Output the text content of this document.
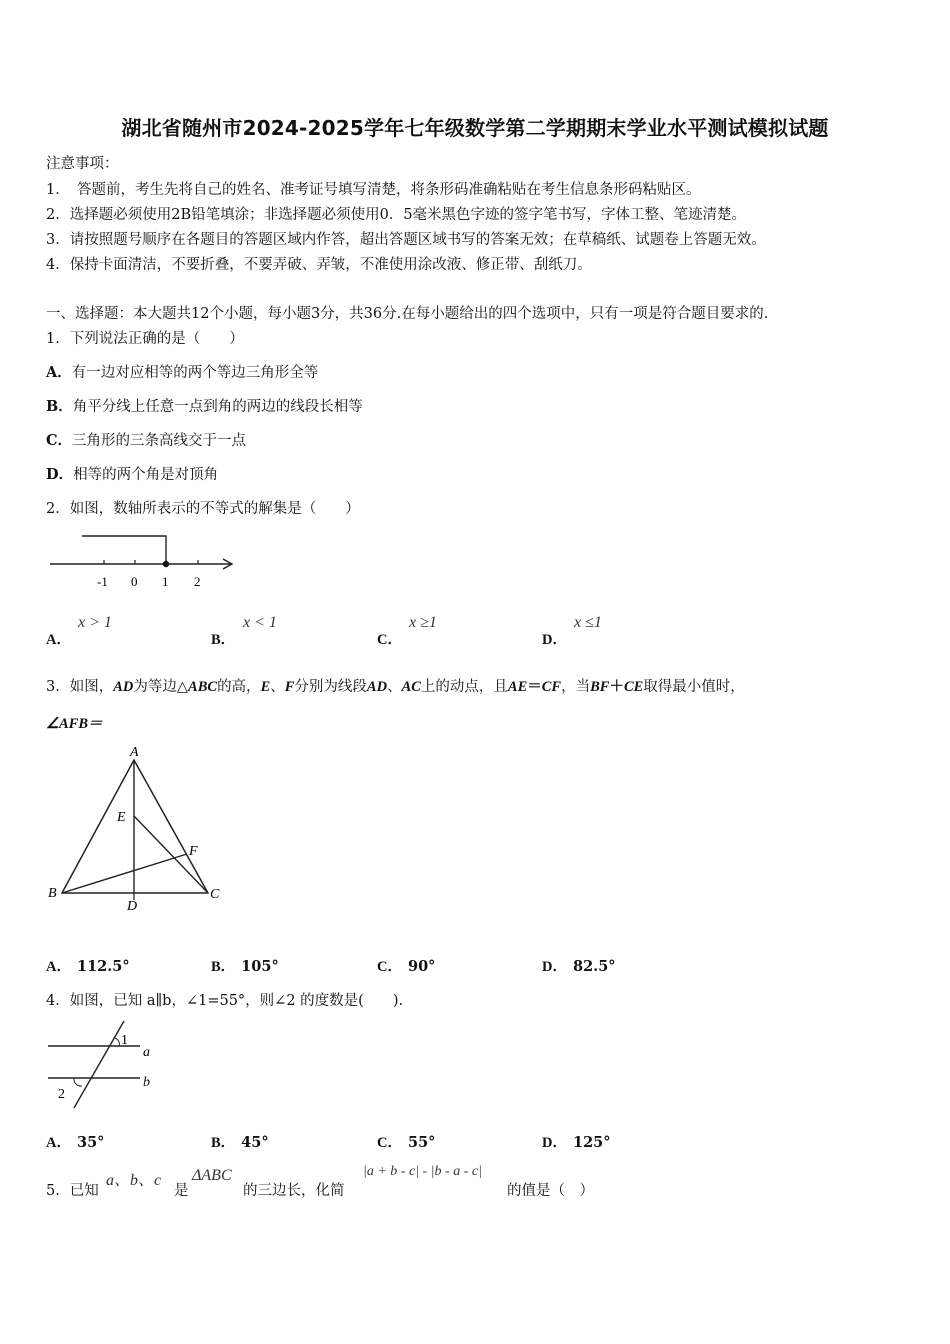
湖北省随州市2024-2025学年七年级数学第二学期期末学业水平测试模拟试题
注意事项：
1．　答题前，考生先将自己的姓名、准考证号填写清楚，将条形码准确粘贴在考生信息条形码粘贴区。
2．选择题必须使用2B铅笔填涂；非选择题必须使用0．5毫米黑色字迹的签字笔书写，字体工整、笔迹清楚。
3．请按照题号顺序在各题目的答题区域内作答，超出答题区域书写的答案无效；在草稿纸、试题卷上答题无效。
4．保持卡面清洁，不要折叠，不要弄破、弄皱，不准使用涂改液、修正带、刮纸刀。
一、选择题：本大题共12个小题，每小题3分，共36分.在每小题给出的四个选项中，只有一项是符合题目要求的.
1．下列说法正确的是（　　）
A．有一边对应相等的两个等边三角形全等
B．角平分线上任意一点到角的两边的线段长相等
C．三角形的三条高线交于一点
D．相等的两个角是对顶角
2．如图，数轴所表示的不等式的解集是（　　）
-1 0 1 2
A．
x > 1
B．
x < 1
C．
x ≥1
D．
x ≤1
3．如图，AD为等边△ABC的高，E、F分别为线段AD、AC上的动点，且AE＝CF，当BF＋CE取得最小值时，
∠AFB＝
A
B	C
D
E
F
A． 112.5°	B． 105°	C． 90°	D． 82.5°
4．如图，已知 a∥b，∠1=55°，则∠2 的度数是(　　).
1
2
a
b
A． 35°	B． 45°	C． 55°	D． 125°
5．已知
a、b、c
是
ΔABC
的三边长，化简
|a + b - c| - |b - a - c|
的值是（　）
